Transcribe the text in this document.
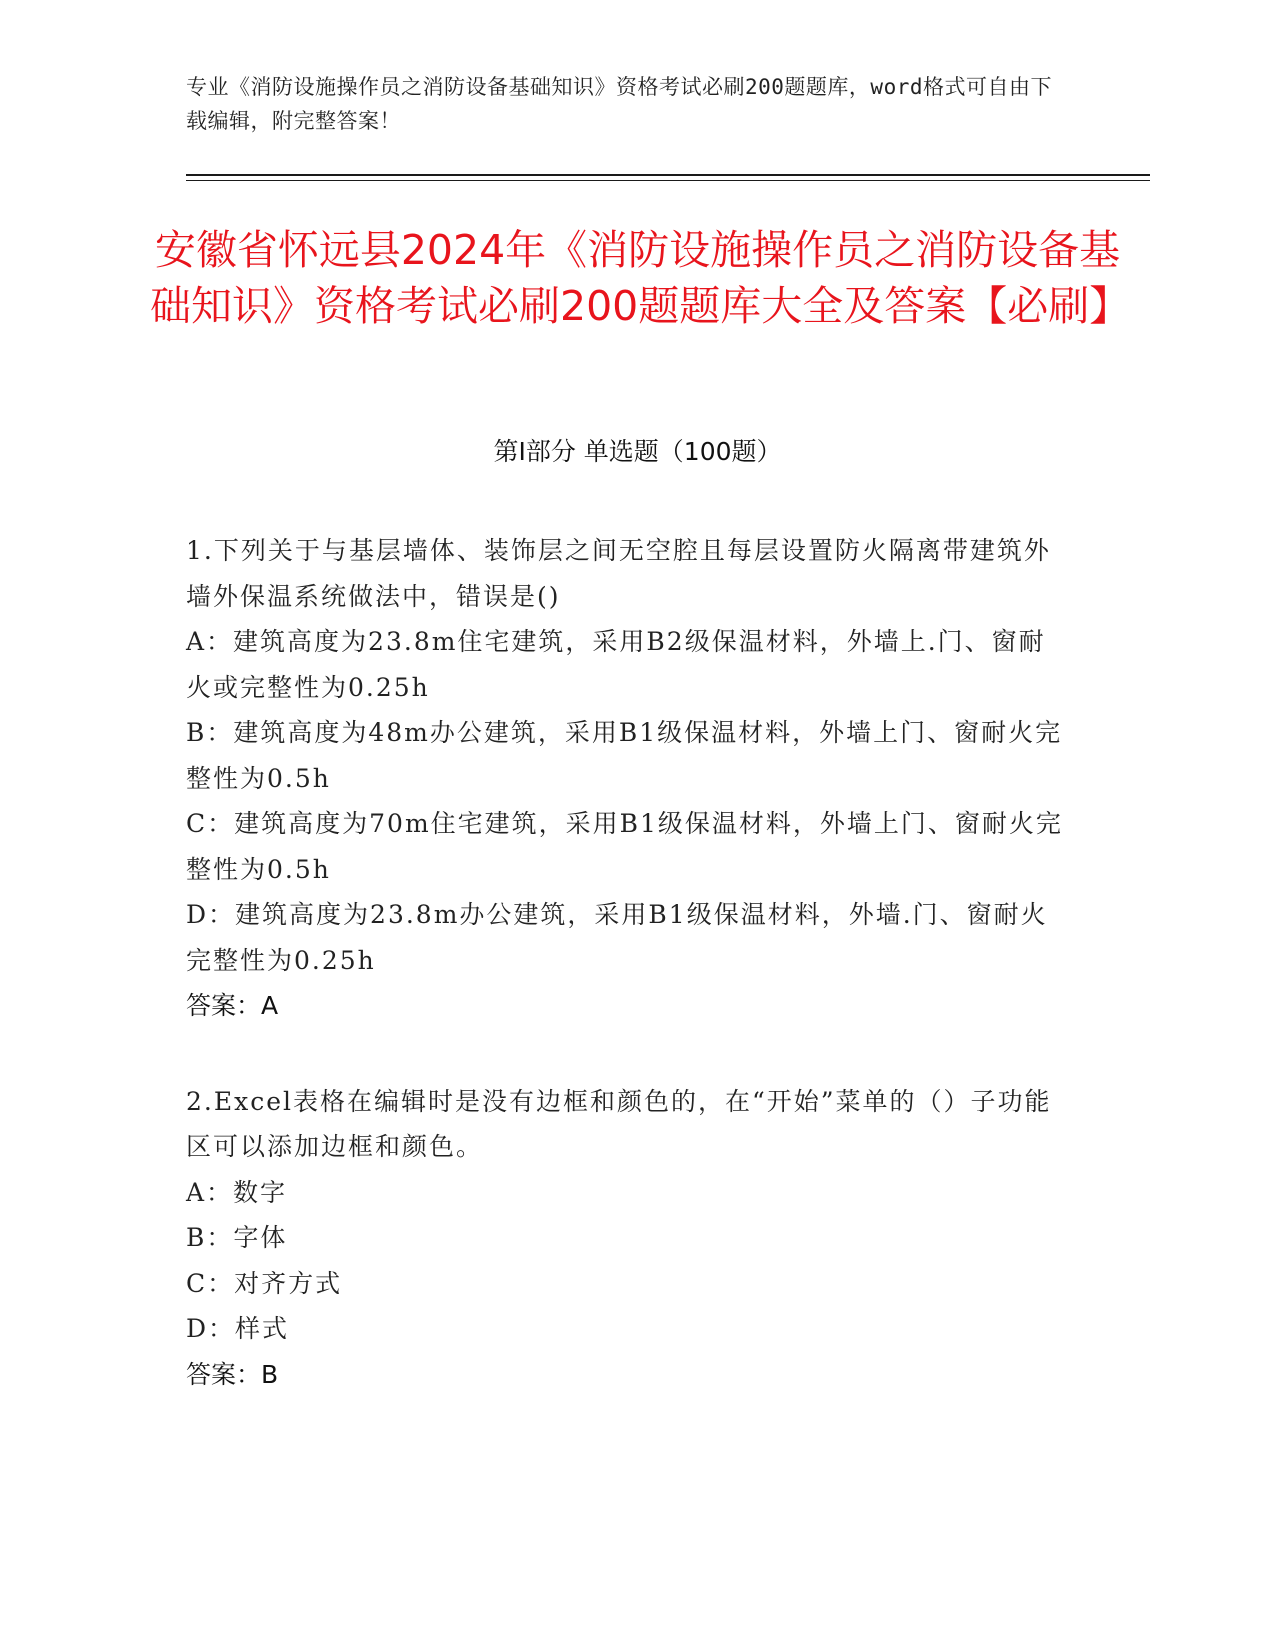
专业《消防设施操作员之消防设备基础知识》资格考试必刷200题题库，word格式可自由下载编辑，附完整答案！
安徽省怀远县2024年《消防设施操作员之消防设备基础知识》资格考试必刷200题题库大全及答案【必刷】
第I部分 单选题（100题）
1.下列关于与基层墙体、装饰层之间无空腔且每层设置防火隔离带建筑外墙外保温系统做法中，错误是()
A：建筑高度为23.8m住宅建筑，采用B2级保温材料，外墙上.门、窗耐火或完整性为0.25h
B：建筑高度为48m办公建筑，采用B1级保温材料，外墙上门、窗耐火完整性为0.5h
C：建筑高度为70m住宅建筑，采用B1级保温材料，外墙上门、窗耐火完整性为0.5h
D：建筑高度为23.8m办公建筑，采用B1级保温材料，外墙.门、窗耐火完整性为0.25h
答案：A
2.Excel表格在编辑时是没有边框和颜色的，在“开始”菜单的（）子功能区可以添加边框和颜色。
A：数字
B：字体
C：对齐方式
D：样式
答案：B
